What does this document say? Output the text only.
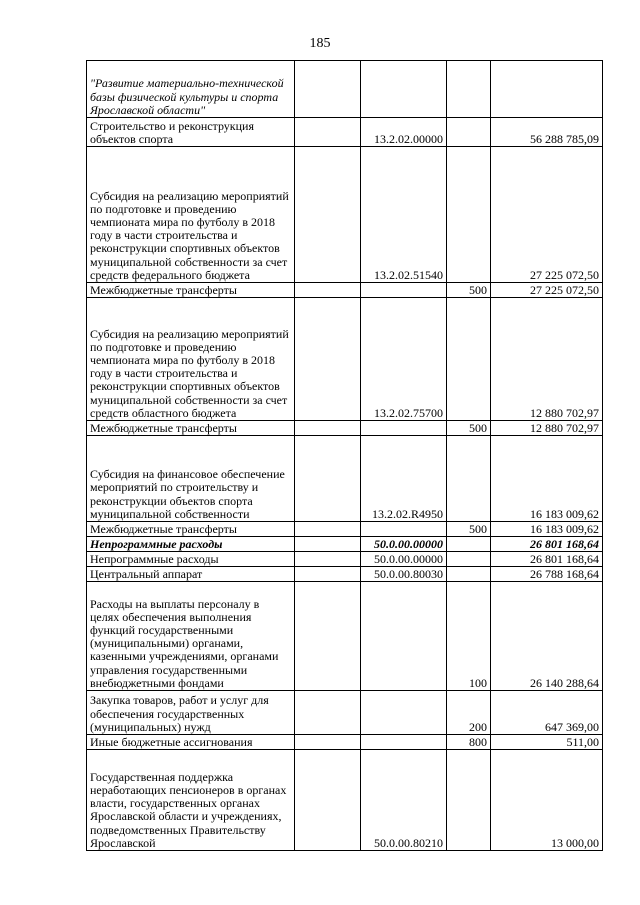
185
"Развитие материально-технической базы физической культуры и спорта Ярославской области"				
Строительство и реконструкция объектов спорта		13.2.02.00000		56 288 785,09
Субсидия на реализацию мероприятий по подготовке и проведению чемпионата мира по футболу в 2018 году в части строительства и реконструкции спортивных объектов муниципальной собственности за счет средств федерального бюджета		13.2.02.51540		27 225 072,50
Межбюджетные трансферты			500	27 225 072,50
Субсидия на реализацию мероприятий по подготовке и проведению чемпионата мира по футболу в 2018 году в части строительства и реконструкции спортивных объектов муниципальной собственности за счет средств областного бюджета		13.2.02.75700		12 880 702,97
Межбюджетные трансферты			500	12 880 702,97
Субсидия на финансовое обеспечение мероприятий по строительству и реконструкции объектов спорта муниципальной собственности		13.2.02.R4950		16 183 009,62
Межбюджетные трансферты			500	16 183 009,62
Непрограммные расходы		50.0.00.00000		26 801 168,64
Непрограммные расходы		50.0.00.00000		26 801 168,64
Центральный аппарат		50.0.00.80030		26 788 168,64
Расходы на выплаты персоналу в целях обеспечения выполнения функций государственными (муниципальными) органами, казенными учреждениями, органами управления государственными внебюджетными фондами			100	26 140 288,64
Закупка товаров, работ и услуг для обеспечения государственных (муниципальных) нужд			200	647 369,00
Иные бюджетные ассигнования			800	511,00
Государственная поддержка неработающих пенсионеров в органах власти, государственных органах Ярославской области и учреждениях, подведомственных Правительству Ярославской		50.0.00.80210		13 000,00
